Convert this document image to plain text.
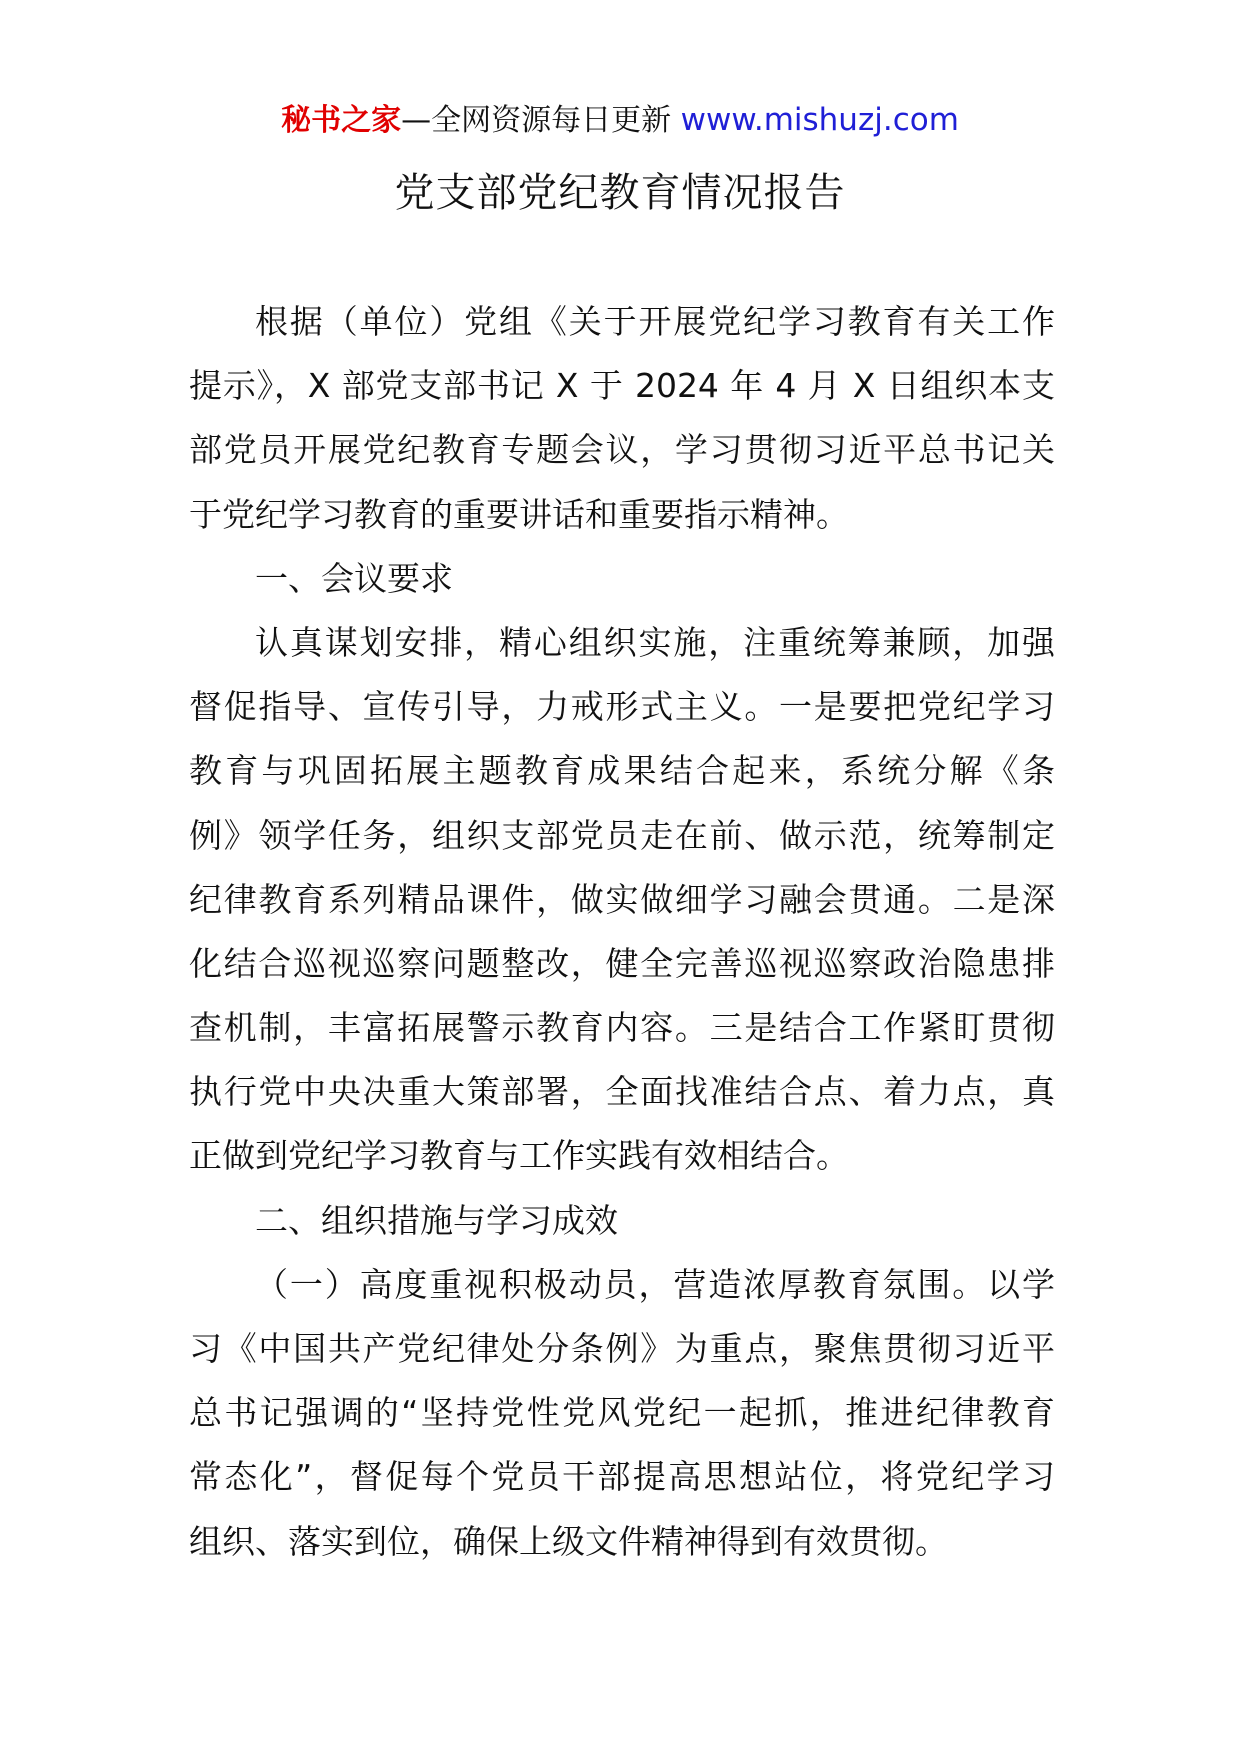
秘书之家—全网资源每日更新 www.mishuzj.com
党支部党纪教育情况报告
根据（单位）党组《关于开展党纪学习教育有关工作
提示》，X 部党支部书记 X 于 2024 年 4 月 X 日组织本支
部党员开展党纪教育专题会议，学习贯彻习近平总书记关
于党纪学习教育的重要讲话和重要指示精神。
一、会议要求
认真谋划安排，精心组织实施，注重统筹兼顾，加强
督促指导、宣传引导，力戒形式主义。一是要把党纪学习
教育与巩固拓展主题教育成果结合起来，系统分解《条
例》领学任务，组织支部党员走在前、做示范，统筹制定
纪律教育系列精品课件，做实做细学习融会贯通。二是深
化结合巡视巡察问题整改，健全完善巡视巡察政治隐患排
查机制，丰富拓展警示教育内容。三是结合工作紧盯贯彻
执行党中央决重大策部署，全面找准结合点、着力点，真
正做到党纪学习教育与工作实践有效相结合。
二、组织措施与学习成效
（一）高度重视积极动员，营造浓厚教育氛围。以学
习《中国共产党纪律处分条例》为重点，聚焦贯彻习近平
总书记强调的“坚持党性党风党纪一起抓，推进纪律教育
常态化”，督促每个党员干部提高思想站位，将党纪学习
组织、落实到位，确保上级文件精神得到有效贯彻。
